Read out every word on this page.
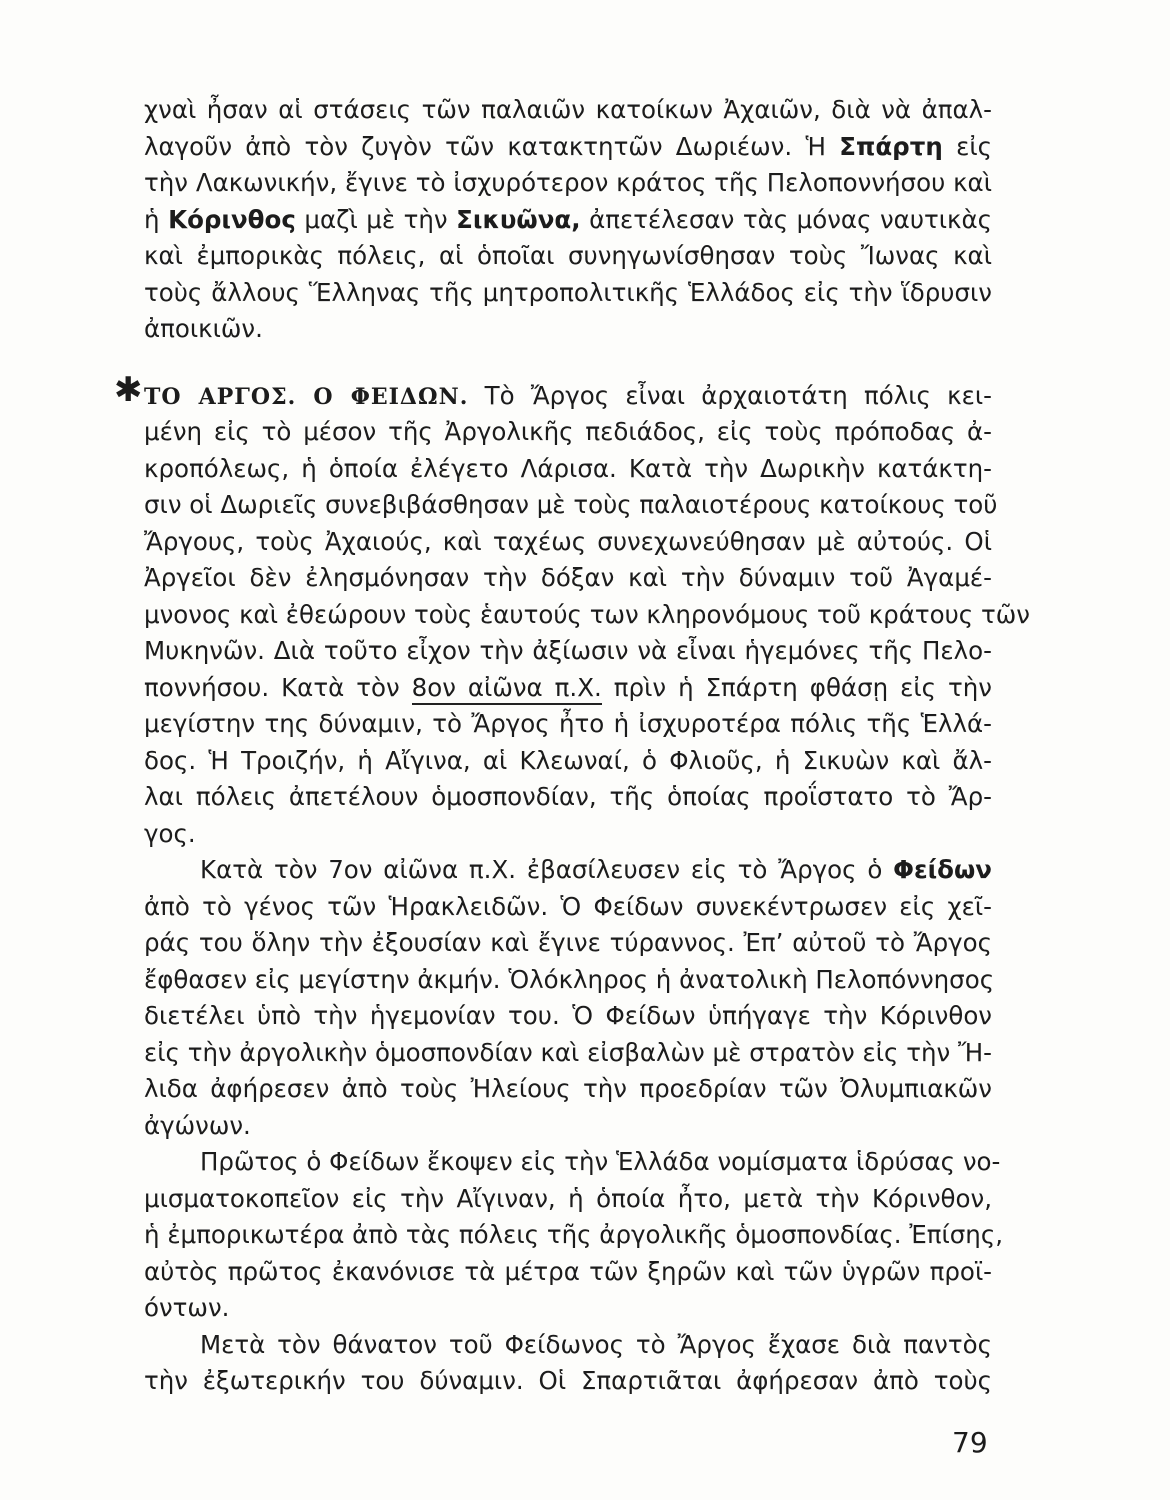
✱
χναὶ ἦσαν αἱ στάσεις τῶν παλαιῶν κατοίκων Ἀχαιῶν, διὰ νὰ ἀπαλ-
λαγοῦν ἀπὸ τὸν ζυγὸν τῶν κατακτητῶν Δωριέων. Ἡ Σπάρτη εἰς
τὴν Λακωνικήν, ἔγινε τὸ ἰσχυρότερον κράτος τῆς Πελοποννήσου καὶ
ἡ Κόρινθος μαζὶ μὲ τὴν Σικυῶνα, ἀπετέλεσαν τὰς μόνας ναυτικὰς
καὶ ἐμπορικὰς πόλεις, αἱ ὁποῖαι συνηγωνίσθησαν τοὺς Ἴωνας καὶ
τοὺς ἄλλους Ἕλληνας τῆς μητροπολιτικῆς Ἑλλάδος εἰς τὴν ἵδρυσιν
ἀποικιῶν.
ΤΟ ΑΡΓΟΣ. Ο ΦΕΙΔΩΝ. Τὸ Ἄργος εἶναι ἀρχαιοτάτη πόλις κει-
μένη εἰς τὸ μέσον τῆς Ἀργολικῆς πεδιάδος, εἰς τοὺς πρόποδας ἀ-
κροπόλεως, ἡ ὁποία ἐλέγετο Λάρισα. Κατὰ τὴν Δωρικὴν κατάκτη-
σιν οἱ Δωριεῖς συνεβιβάσθησαν μὲ τοὺς παλαιοτέρους κατοίκους τοῦ
Ἄργους, τοὺς Ἀχαιούς, καὶ ταχέως συνεχωνεύθησαν μὲ αὐτούς. Οἱ
Ἀργεῖοι δὲν ἐλησμόνησαν τὴν δόξαν καὶ τὴν δύναμιν τοῦ Ἀγαμέ-
μνονος καὶ ἐθεώρουν τοὺς ἑαυτούς των κληρονόμους τοῦ κράτους τῶν
Μυκηνῶν. Διὰ τοῦτο εἶχον τὴν ἀξίωσιν νὰ εἶναι ἡγεμόνες τῆς Πελο-
ποννήσου. Κατὰ τὸν 8ον αἰῶνα π.Χ. πρὶν ἡ Σπάρτη φθάσῃ εἰς τὴν
μεγίστην της δύναμιν, τὸ Ἄργος ἦτο ἡ ἰσχυροτέρα πόλις τῆς Ἑλλά-
δος. Ἡ Τροιζήν, ἡ Αἴγινα, αἱ Κλεωναί, ὁ Φλιοῦς, ἡ Σικυὼν καὶ ἄλ-
λαι πόλεις ἀπετέλουν ὁμοσπονδίαν, τῆς ὁποίας προΐστατο τὸ Ἄρ-
γος.
Κατὰ τὸν 7ον αἰῶνα π.Χ. ἐβασίλευσεν εἰς τὸ Ἄργος ὁ Φείδων
ἀπὸ τὸ γένος τῶν Ἡρακλειδῶν. Ὁ Φείδων συνεκέντρωσεν εἰς χεῖ-
ράς του ὅλην τὴν ἐξουσίαν καὶ ἔγινε τύραννος. Ἐπ’ αὐτοῦ τὸ Ἄργος
ἔφθασεν εἰς μεγίστην ἀκμήν. Ὁλόκληρος ἡ ἀνατολικὴ Πελοπόννησος
διετέλει ὑπὸ τὴν ἡγεμονίαν του. Ὁ Φείδων ὑπήγαγε τὴν Κόρινθον
εἰς τὴν ἀργολικὴν ὁμοσπονδίαν καὶ εἰσβαλὼν μὲ στρατὸν εἰς τὴν Ἤ-
λιδα ἀφήρεσεν ἀπὸ τοὺς Ἠλείους τὴν προεδρίαν τῶν Ὀλυμπιακῶν
ἀγώνων.
Πρῶτος ὁ Φείδων ἔκοψεν εἰς τὴν Ἑλλάδα νομίσματα ἱδρύσας νο-
μισματοκοπεῖον εἰς τὴν Αἴγιναν, ἡ ὁποία ἦτο, μετὰ τὴν Κόρινθον,
ἡ ἐμπορικωτέρα ἀπὸ τὰς πόλεις τῆς ἀργολικῆς ὁμοσπονδίας. Ἐπίσης,
αὐτὸς πρῶτος ἐκανόνισε τὰ μέτρα τῶν ξηρῶν καὶ τῶν ὑγρῶν προϊ-
όντων.
Μετὰ τὸν θάνατον τοῦ Φείδωνος τὸ Ἄργος ἔχασε διὰ παντὸς
τὴν ἐξωτερικήν του δύναμιν. Οἱ Σπαρτιᾶται ἀφήρεσαν ἀπὸ τοὺς
79
